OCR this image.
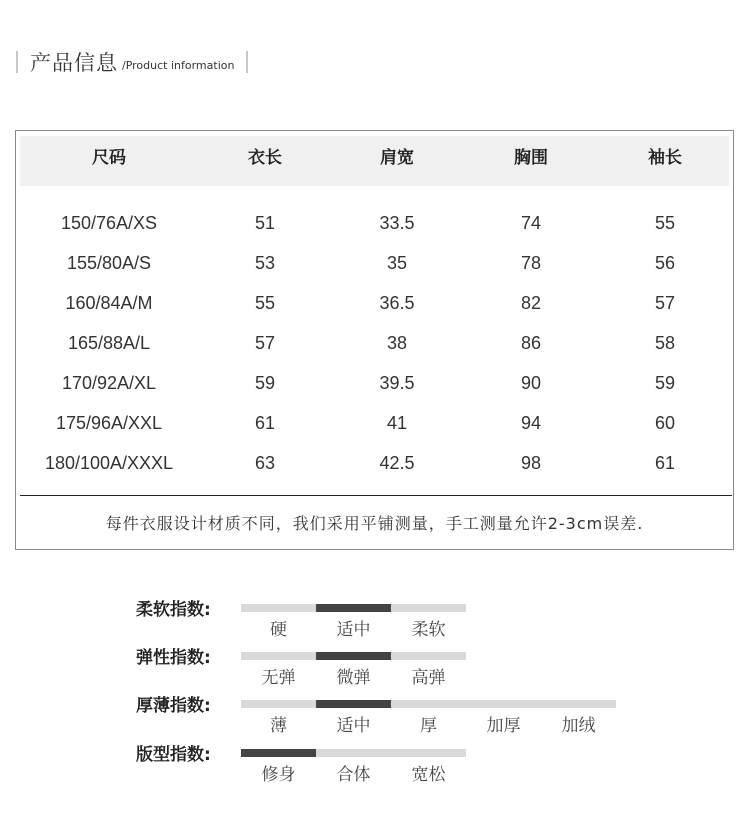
产品信息 /Product information
尺码	衣长	肩宽	胸围	袖长
150/76A/XS	51	33.5	74	55
155/80A/S	53	35	78	56
160/84A/M	55	36.5	82	57
165/88A/L	57	38	86	58
170/92A/XL	59	39.5	90	59
175/96A/XXL	61	41	94	60
180/100A/XXXL	63	42.5	98	61
每件衣服设计材质不同，我们采用平铺测量，手工测量允许2-3cm误差.
柔软指数:
硬	适中	柔软
弹性指数:
无弹	微弹	高弹
厚薄指数:
薄	适中	厚	加厚	加绒
版型指数:
修身	合体	宽松
